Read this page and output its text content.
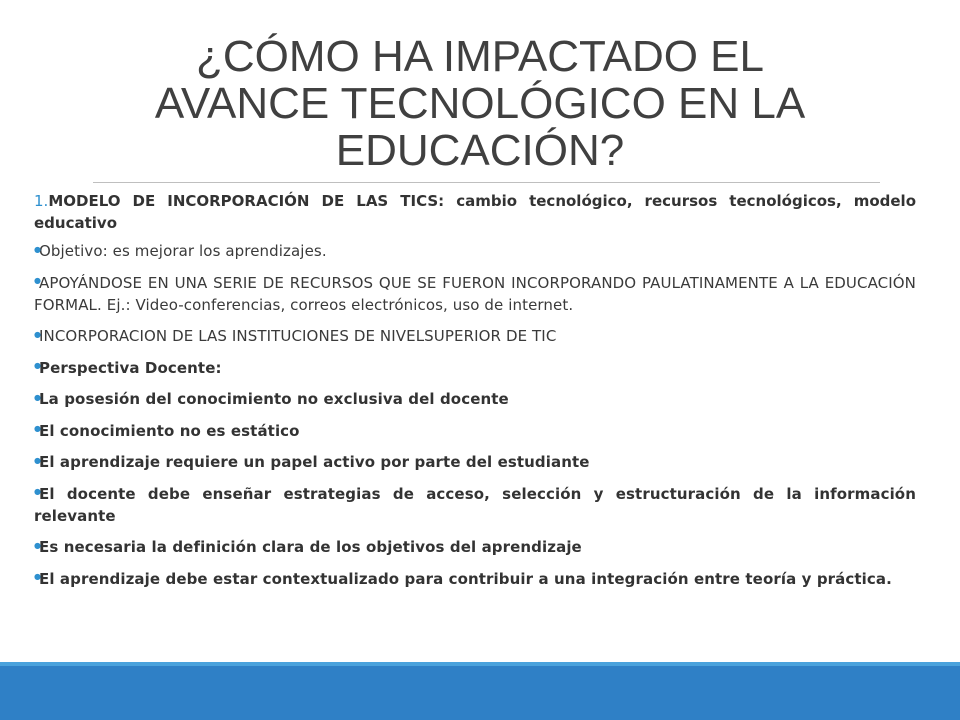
¿CÓMO HA IMPACTADO EL
AVANCE TECNOLÓGICO EN LA
EDUCACIÓN?

1.MODELO DE INCORPORACIÓN DE LAS TICS: cambio tecnológico, recursos tecnológicos, modelo educativo

●Objetivo: es mejorar los aprendizajes.

●APOYÁNDOSE EN UNA SERIE DE RECURSOS QUE SE FUERON INCORPORANDO PAULATINAMENTE A LA EDUCACIÓN FORMAL. Ej.: Video-conferencias, correos electrónicos, uso de internet.

●INCORPORACION DE LAS INSTITUCIONES DE NIVELSUPERIOR DE TIC

●Perspectiva Docente:

●La posesión del conocimiento no exclusiva del docente

●El conocimiento no es estático

●El aprendizaje requiere un papel activo por parte del estudiante

●El docente debe enseñar estrategias de acceso, selección y estructuración de la información relevante

●Es necesaria la definición clara de los objetivos del aprendizaje

●El aprendizaje debe estar contextualizado para contribuir a una integración entre teoría y práctica.
